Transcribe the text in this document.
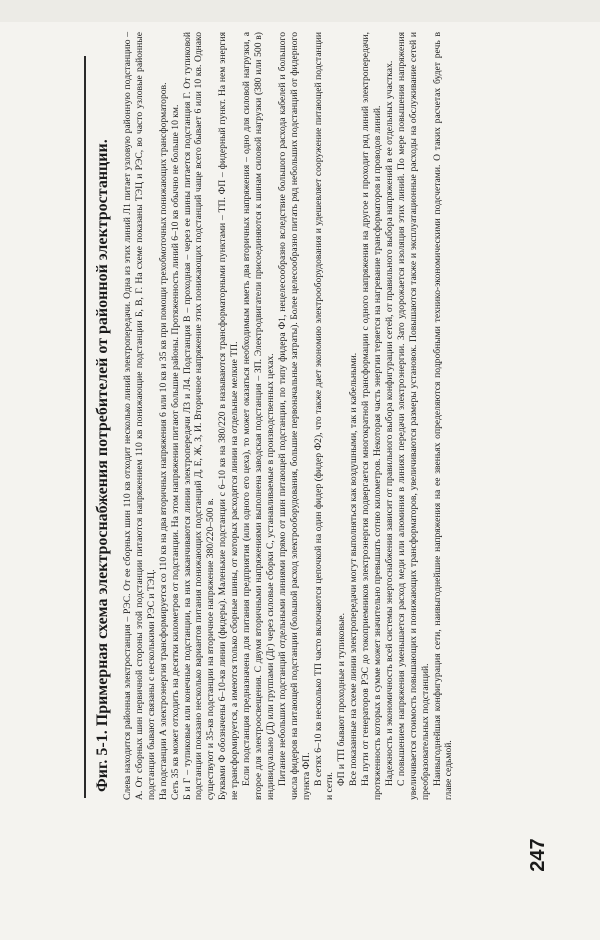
Фиг. 5-1. Примерная схема электроснабжения потребителей от районной электростанции.	Слева находится районная электростанция – РЭС. От ее сборных шин 110 кв отходит несколько линий электропередачи. Одна из этих линий Л1 питает узловую районную подстанцию – А. От сборных шин первичной стороны этой подстанции питаются напряжением 110 кв понижающие подстанции Б, В, Г. На схеме показаны ТЭЦ и РЭС, во часто узловые районные подстанции бывают связаны с несколькими РЭС и ТЭЦ. На подстанции А электроэнергия трансформируется со 110 кв на два вторичных напряжения 6 или 10 кв и 35 кв при помощи трехобмоточных понижающих трансформаторов. Сеть 35 кв может отходить на десятки километров от подстанции. На этом напряжении питают большие районы. Протяженность линий 6–10 кв обычно не больше 10 км. Б и Г – тупиковые или конечные подстанции, на них заканчиваются линии электропередачи Л3 и Л4. Подстанция В – проходная – через ее шины питается подстанция Г. От тупиковой подстанции показано несколько вариантов питания понижающих подстанций Д, Е, Ж, З, И. Вторичное напряжение этих понижающих подстанций чаще всего бывает 6 или 10 кв. Однако существуют и 35-кв подстанции на вторичное напряжение 380/220–500 в. Буквами Ф обозначены 6–10-кв линии (фидеры). Маленькие подстанции с 6–10 кв на 380/220 в называются трансформаторными пунктами – ТП. ФП – фидерный пункт. На нем энергия не трансформируется, а имеются только сборные шины, от которых расходятся линии на отдельные мелкие ТП. Если подстанция предназначена для питания предприятия (или одного его цеха), то может оказаться необходимым иметь два вторичных напряжения – одно для силовой нагрузки, а второе для электроосвещения. С двумя вторичными напряжениями выполнена заводская подстанция – ЗП. Электродвигатели присоединяются к шинам силовой нагрузки (380 или 500 в) индивидуально (Д) или группами (Дг) через силовые сборки С, устанавливаемые в производственных цехах. Питание небольших подстанций отдельными линиями прямо от шин питающей подстанции, по типу фидера Ф1, нецелесообразно вследствие большого расхода кабелей и большого числа фидеров на питающей подстанции (большой расход электрооборудования, большие первоначальные затраты). Более целесообразно питать ряд небольших подстанций от фидерного пункта ФП. В сетях 6–10 кв несколько ТП часто включаются цепочкой на один фидер (фидер Ф2), что также дает экономию электрооборудования и удешевляет сооружение питающей подстанции и сети.

ФП и ТП бывают проходные и тупиковые. Все показанные на схеме линии электропередачи могут выполняться как воздушными, так и кабельными. На пути от генераторов РЭС до токоприемников электроэнергия подвергается многократной трансформации с одного напряжения на другое и проходит ряд линий электропередачи, протяженность которых в сумме может значительно превышать сотню километров. Некоторая часть энергии теряется на нагревание трансформаторов и проводов линий. Надежность и экономичность всей системы энергоснабжения зависит от правильного выбора конфигурации сетей, от правильного выбора напряжений в ее отдельных участках. С повышением напряжения уменьшается расход меди или алюминия в линиях передачи электроэнергии. Зато удорожается изоляция этих линий. По мере повышения напряжения увеличивается стоимость повышающих и понижающих трансформаторов, увеличиваются размеры установок. Повышаются также и эксплуатационные расходы на обслуживание сетей и преобразовательных подстанций. Наивыгоднейшая конфигурация сети, наивыгоднейшие напряжения на ее звеньях определяются подробными технико-экономическими подсчетами. О таких расчетах будет речь в главе седьмой.

247
